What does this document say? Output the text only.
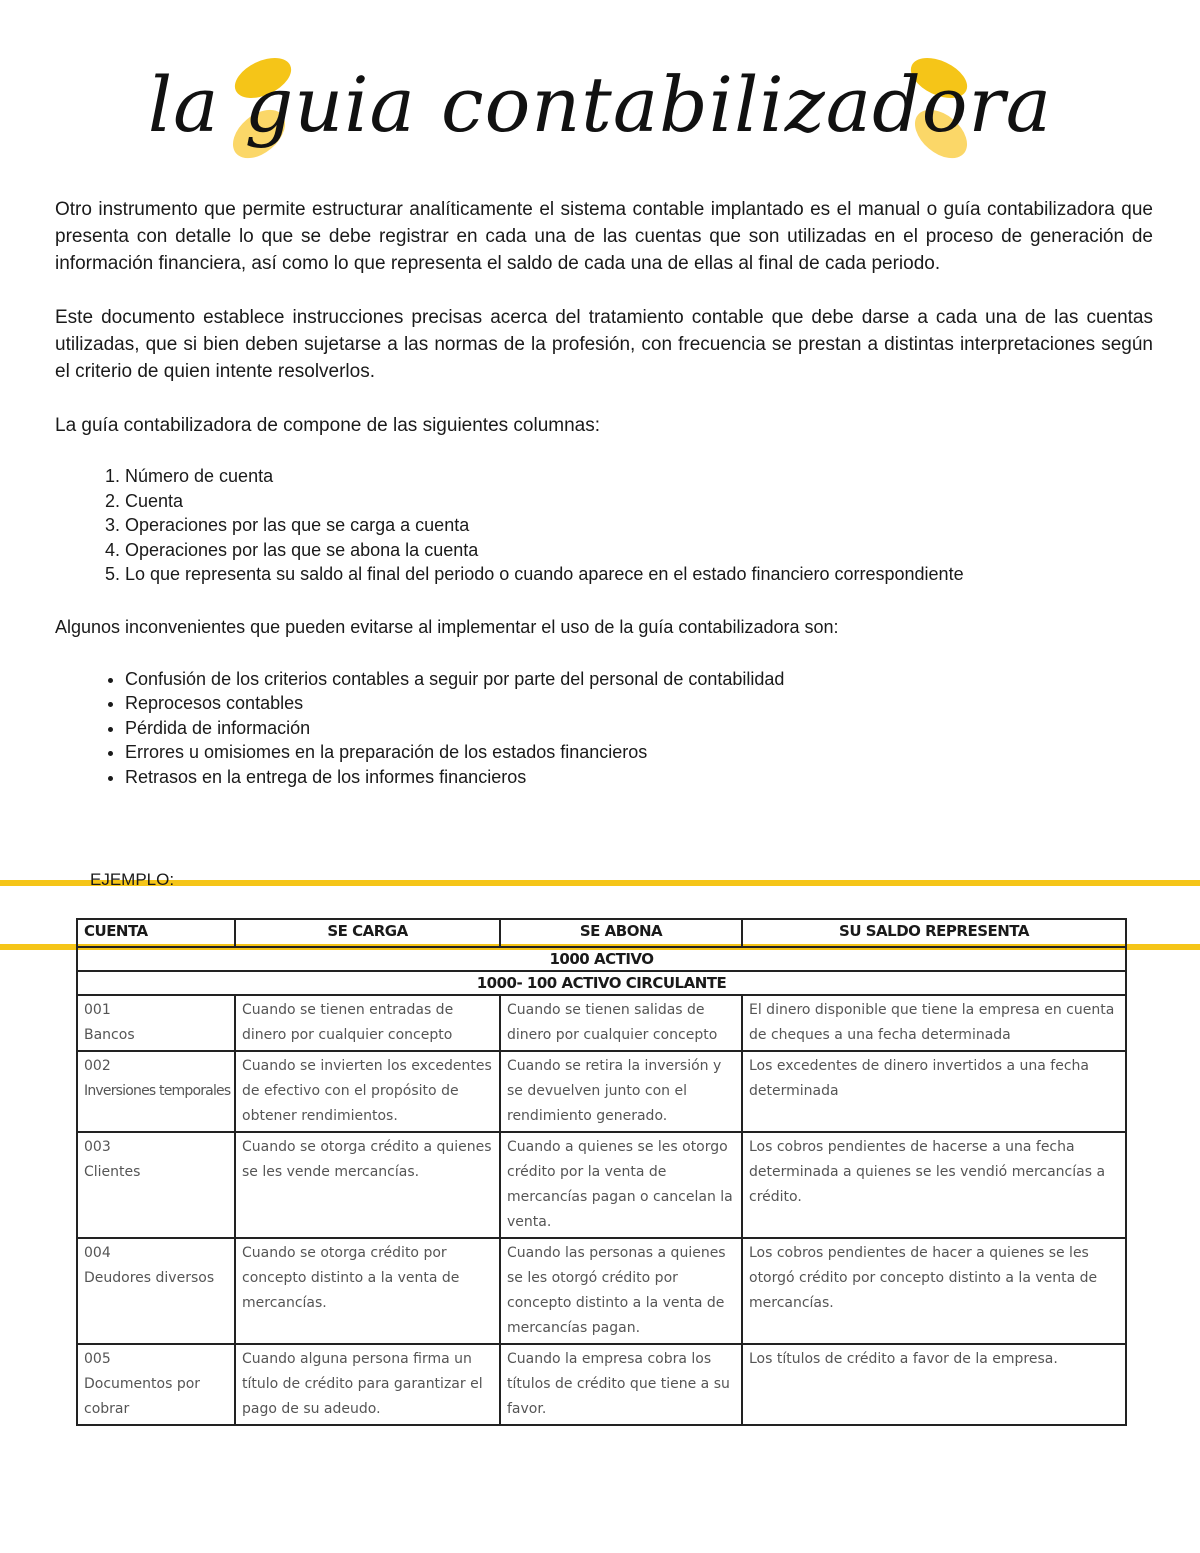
la guia contabilizadora

Otro instrumento que permite estructurar analíticamente el sistema contable implantado es el manual o guía contabilizadora que presenta con detalle lo que se debe registrar en cada una de las cuentas que son utilizadas en el proceso de generación de información financiera, así como lo que representa el saldo de cada una de ellas al final de cada periodo.

Este documento establece instrucciones precisas acerca del tratamiento contable que debe darse a cada una de las cuentas utilizadas, que si bien deben sujetarse a las normas de la profesión, con frecuencia se prestan a distintas interpretaciones según el criterio de quien intente resolverlos.

La guía contabilizadora de compone de las siguientes columnas:

1. Número de cuenta
2. Cuenta
3. Operaciones por las que se carga a cuenta
4. Operaciones por las que se abona la cuenta
5. Lo que representa su saldo al final del periodo o cuando aparece en el estado financiero correspondiente

Algunos inconvenientes que pueden evitarse al implementar el uso de la guía contabilizadora son:

• Confusión de los criterios contables a seguir por parte del personal de contabilidad
• Reprocesos contables
• Pérdida de información
• Errores u omisiomes en la preparación de los estados financieros
• Retrasos en la entrega de los informes financieros
EJEMPLO:
CUENTA	SE CARGA	SE ABONA	SU SALDO REPRESENTA
1000 ACTIVO			
1000- 100 ACTIVO CIRCULANTE			
001
Bancos	Cuando se tienen entradas de dinero por cualquier concepto	Cuando se tienen salidas de dinero por cualquier concepto	El dinero disponible que tiene la empresa en cuenta de cheques a una fecha determinada
002
Inversiones temporales	Cuando se invierten los excedentes de efectivo con el propósito de obtener rendimientos.	Cuando se retira la inversión y se devuelven junto con el rendimiento generado.	Los excedentes de dinero invertidos a una fecha determinada
003
Clientes	Cuando se otorga crédito a quienes se les vende mercancías.	Cuando a quienes se les otorgo crédito por la venta de mercancías pagan o cancelan la venta.	Los cobros pendientes de hacerse a una fecha determinada a quienes se les vendió mercancías a crédito.
004
Deudores diversos	Cuando se otorga crédito por concepto distinto a la venta de mercancías.	Cuando las personas a quienes se les otorgó crédito por concepto distinto a la venta de mercancías pagan.	Los cobros pendientes de hacer a quienes se les otorgó crédito por concepto distinto a la venta de mercancías.
005
Documentos por cobrar	Cuando alguna persona firma un título de crédito para garantizar el pago de su adeudo.	Cuando la empresa cobra los títulos de crédito que tiene a su favor.	Los títulos de crédito a favor de la empresa.
